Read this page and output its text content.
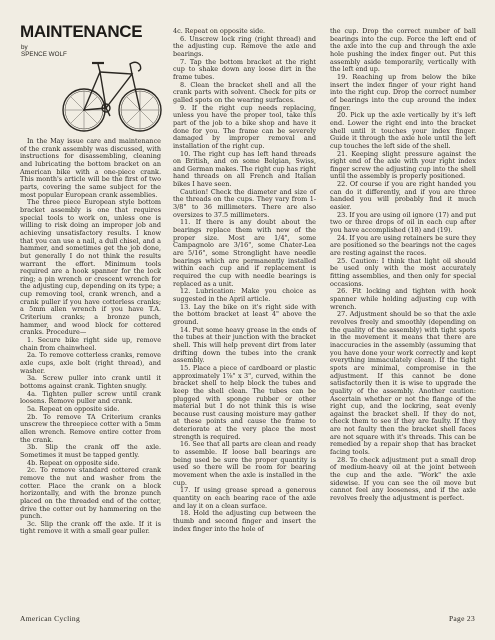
MAINTENANCE
by
SPENCE WOLF

In the May issue care and maintenance of the crank assembly was discussed, with instructions for disassembling, cleaning and lubricating the bottom bracket on an American bike with a one-piece crank. This month's article will be the first of two parts, covering the same subject for the most popular European crank assemblies.

The three piece European style bottom bracket assembly is one that requires special tools to work on, unless one is willing to risk doing an improper job and achieving unsatisfactory results. I know that you can use a nail, a dull chisel, and a hammer, and sometimes get the job done, but generally I do not think the results warrant the effort. Minimum tools required are a hook spanner for the lock ring; a pin wrench or crescent wrench for the adjusting cup, depending on its type; a cup removing tool, crank wrench, and a crank puller if you have cotterless cranks; a 5mm allen wrench if you have T.A. Criterium cranks; a bronze punch, hammer, and wood block for cottered cranks. Procedure—

1. Secure bike right side up, remove chain from chainwheel.

2a. To remove cotterless cranks, remove axle cups, axle bolt (right thread), and washer.

3a. Screw puller into crank until it bottoms against crank. Tighten snugly.

4a. Tighten puller screw until crank loosens. Remove puller and crank.

5a. Repeat on opposite side.

2b. To remove TA Criterium cranks unscrew the threepiece cotter with a 5mm allen wrench. Remove entire cotter from the crank.

3b. Slip the crank off the axle. Sometimes it must be tapped gently.

4b. Repeat on opposite side.

2c. To remove standard cottered crank remove the nut and washer from the cotter. Place the crank on a block horizontally, and with the bronze punch placed on the threaded end of the cotter, drive the cotter out by hammering on the punch.

3c. Slip the crank off the axle. If it is tight remove it with a small gear puller.

4c. Repeat on opposite side.

6. Unscrew lock ring (right thread) and the adjusting cup. Remove the axle and bearings.

7. Tap the bottom bracket at the right cup to shake down any loose dirt in the frame tubes.

8. Clean the bracket shell and all the crank parts with solvent. Check for pits or galled spots on the wearing surfaces.

9. If the right cup needs replacing, unless you have the proper tool, take this part of the job to a bike shop and have it done for you. The frame can be severely damaged by improper removal and installation of the right cup.

10. The right cup has left hand threads on British, and on some Belgian, Swiss, and German makes. The right cup has right hand threads on all French and Italian bikes I have seen.

Caution! Check the diameter and size of the threads on the cups. They vary from 1-3/8" to 36 millimeters. There are also oversizes to 37.5 millimeters.

11. If there is any doubt about the bearings replace them with new of the proper size. Most are 1/4", some Campagnolo are 3/16", some Chater-Lea are 5/16", some Stronglight have needle bearings which are permanently installed within each cup and if replacement is required the cup with needle bearings is replaced as a unit.

12. Lubrication: Make you choice as suggested in the April article.

13. Lay the bike on it's right side with the bottom bracket at least 4" above the ground.

14. Put some heavy grease in the ends of the tubes at their junction with the bracket shell. This will help prevent dirt from later drifting down the tubes into the crank assembly.

15. Place a piece of cardboard or plastic approximately 1⅞" x 3", curved, within the bracket shell to help block the tubes and keep the shell clean. The tubes can be plugged with sponge rubber or other material but I do not think this is wise because rust causing moisture may gather at these points and cause the frame to deteriorate at the very place the most strength is required.

16. See that all parts are clean and ready to assemble. If loose ball bearings are being used be sure the proper quantity is used so there will be room for bearing movement when the axle is installed in the cup.

17. If using grease spread a generous quantity on each bearing race of the axle and lay it on a clean surface.

18. Hold the adjusting cup between the thumb and second finger and insert the index finger into the hole of

the cup. Drop the correct number of ball bearings into the cup. Force the left end of the axle into the cup and through the axle hole pushing the index finger out. Put this assembly aside temporarily, vertically with the left end up.

19. Reaching up from below the bike insert the index finger of your right hand into the right cup. Drop the correct number of bearings into the cup around the index finger.

20. Pick up the axle vertically by it's left end. Lower the right end into the bracket shell until it touches your index finger. Guide it through the axle hole until the left cup touches the left side of the shell.

21. Keeping slight pressure against the right end of the axle with your right index finger screw the adjusting cup into the shell until the assembly is properly positioned.

22. Of course if you are right handed you can do it differently, and if you are three handed you will probably find it much easier.

23. If you are using oil ignore (17) and put two or three drops of oil in each cup after you have accomplished (18) and (19).

24. If you are using retainers be sure they are positioned so the bearings not the cages are resting against the races.

25. Caution: I think that light oil should be used only with the most accurately fitting assemblies, and then only for special occasions.

26. Fit locking and tighten with hook spanner while holding adjusting cup with wrench.

27. Adjustment should be so that the axle revolves freely and smoothly (depending on the quality of the assembly) with tight spots in the movement it means that there are inaccuracies in the assembly (assuming that you have done your work correctly and kept everything immaculately clean). If the tight spots are minimal, compromise in the adjustment. If this cannot be done satisfactorily then it is wise to upgrade the quality of the assembly. Another caution: Ascertain whether or not the flange of the right cup, and the lockring, seat evenly against the bracket shell. If they do not, check them to see if they are faulty. If they are not faulty then the bracket shell faces are not square with it's threads. This can be remedied by a repair shop that has bracket facing tools.

28. To check adjustment put a small drop of medium-heavy oil at the joint between the cup and the axle. "Work" the axle sidewise. If you can see the oil move but cannot feel any looseness, and if the axle revolves freely the adjustment is perfect.

American Cycling	Page 23
